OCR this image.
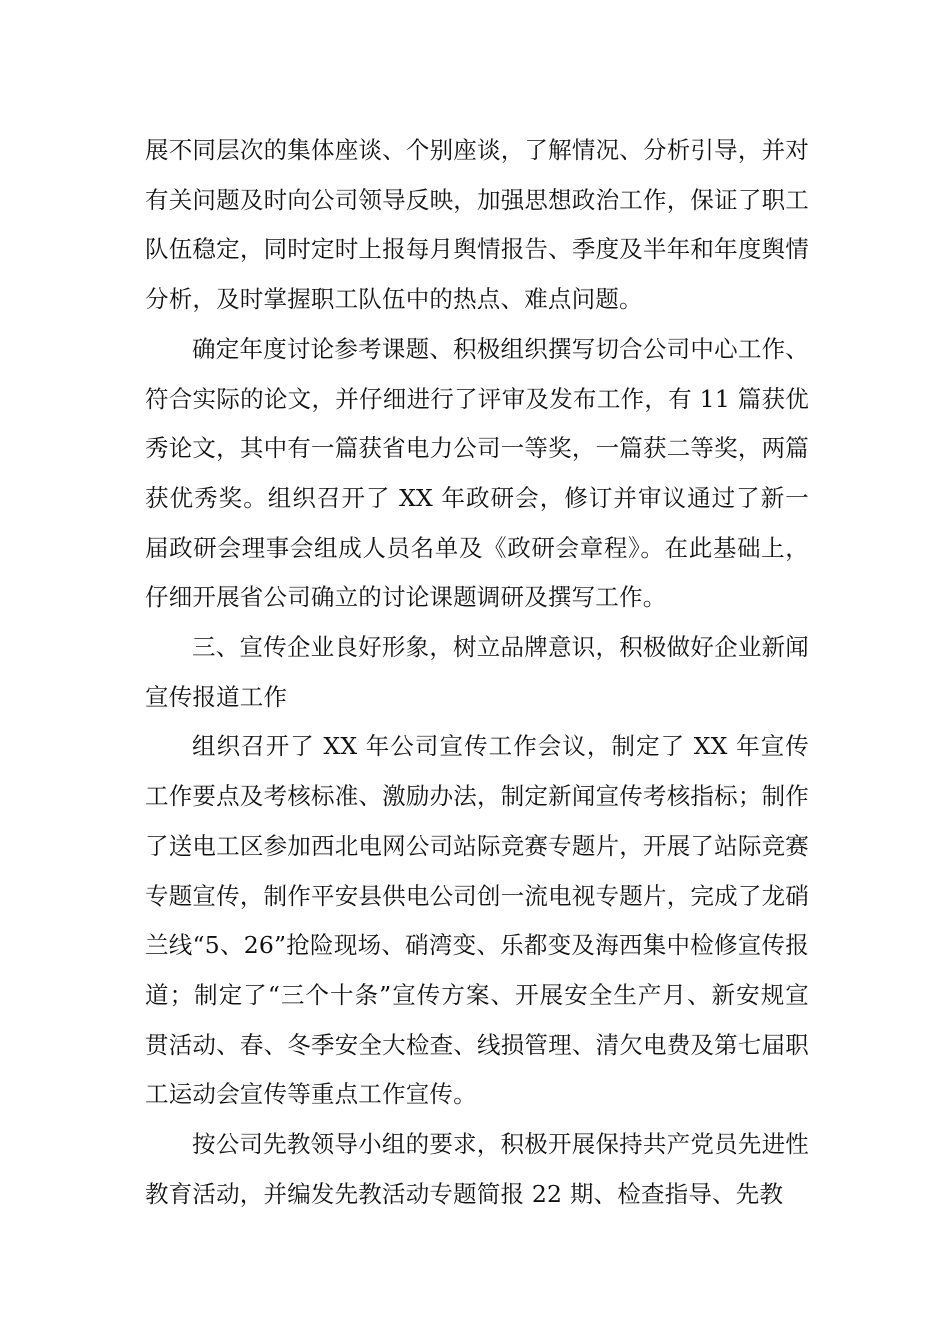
展不同层次的集体座谈、个别座谈，了解情况、分析引导，并对有关问题及时向公司领导反映，加强思想政治工作，保证了职工队伍稳定，同时定时上报每月舆情报告、季度及半年和年度舆情分析，及时掌握职工队伍中的热点、难点问题。

确定年度讨论参考课题、积极组织撰写切合公司中心工作、符合实际的论文，并仔细进行了评审及发布工作，有 11 篇获优秀论文，其中有一篇获省电力公司一等奖，一篇获二等奖，两篇获优秀奖。组织召开了 XX 年政研会，修订并审议通过了新一届政研会理事会组成人员名单及《政研会章程》。在此基础上，仔细开展省公司确立的讨论课题调研及撰写工作。

三、宣传企业良好形象，树立品牌意识，积极做好企业新闻宣传报道工作

组织召开了 XX 年公司宣传工作会议，制定了 XX 年宣传工作要点及考核标准、激励办法，制定新闻宣传考核指标；制作了送电工区参加西北电网公司站际竞赛专题片，开展了站际竞赛专题宣传，制作平安县供电公司创一流电视专题片，完成了龙硝兰线“5、26”抢险现场、硝湾变、乐都变及海西集中检修宣传报道；制定了“三个十条”宣传方案、开展安全生产月、新安规宣贯活动、春、冬季安全大检查、线损管理、清欠电费及第七届职工运动会宣传等重点工作宣传。

按公司先教领导小组的要求，积极开展保持共产党员先进性教育活动，并编发先教活动专题简报 22 期、检查指导、先教
